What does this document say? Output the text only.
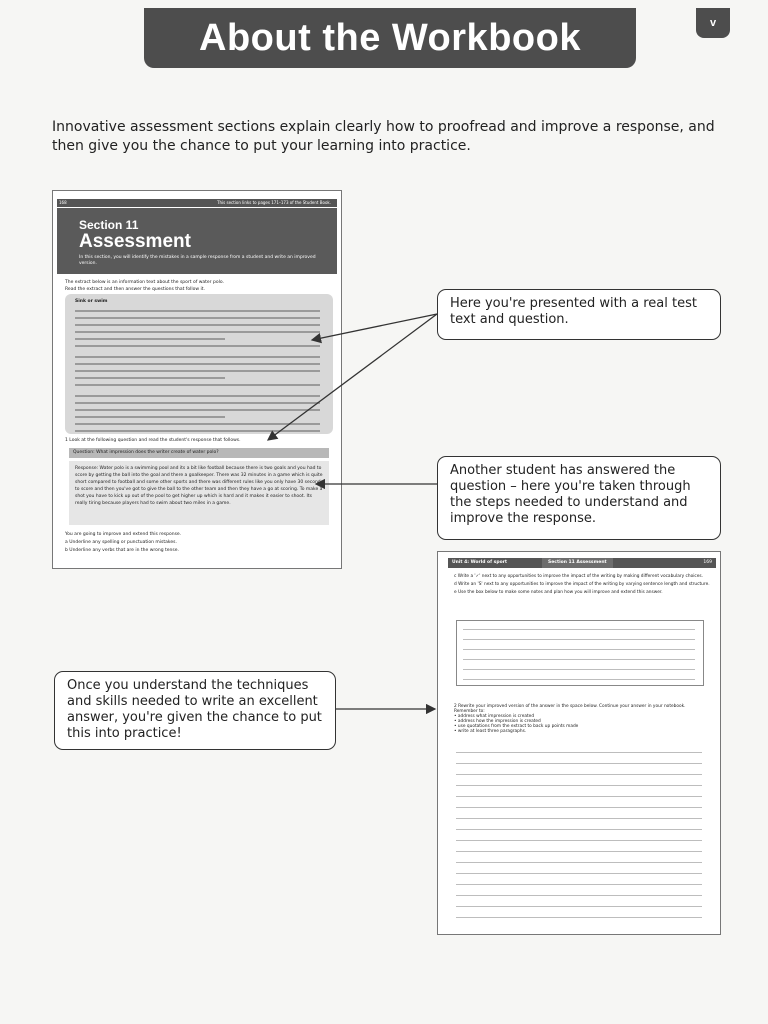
About the Workbook	v
Innovative assessment sections explain clearly how to proofread and improve a response, and then give you the chance to put your learning into practice.
168	This section links to pages 171–173 of the Student Book.
Section 11
Assessment
In this section, you will identify the mistakes in a sample response from a student and write an improved version.
The extract below is an information text about the sport of water polo.
Read the extract and then answer the questions that follow it.
Sink or swim
1 Look at the following question and read the student's response that follows.
Question: What impression does the writer create of water polo?
Response: Water polo is a swimming pool and its a bit like football because there is two goals and you had to score by getting the ball into the goal and there a goalkeeper. There was 32 minutes in a game which is quite short compared to football and some other sports and there was different rules like you only have 30 seconds to score and then you've got to give the ball to the other team and then they have a go at scoring. To make a shot you have to kick up out of the pool to get higher up which is hard and it makes it easier to shoot. Its really tiring because players had to swim about two miles in a game.
You are going to improve and extend this response.
a Underline any spelling or punctuation mistakes.
b Underline any verbs that are in the wrong tense.
Unit 4: World of sport	Section 11 Assessment	169

c Write a '✓' next to any opportunities to improve the impact of the writing by making different vocabulary choices.

d Write an 'S' next to any opportunities to improve the impact of the writing by varying sentence length and structure.

e Use the box below to make some notes and plan how you will improve and extend this answer.

2 Rewrite your improved version of the answer in the space below. Continue your answer in your notebook. Remember to:
• address what impression is created
• address how the impression is created
• use quotations from the extract to back up points made
• write at least three paragraphs.
Here you're presented with a real test text and question.
Another student has answered the question – here you're taken through the steps needed to understand and improve the response.
Once you understand the techniques and skills needed to write an excellent answer, you're given the chance to put this into practice!
